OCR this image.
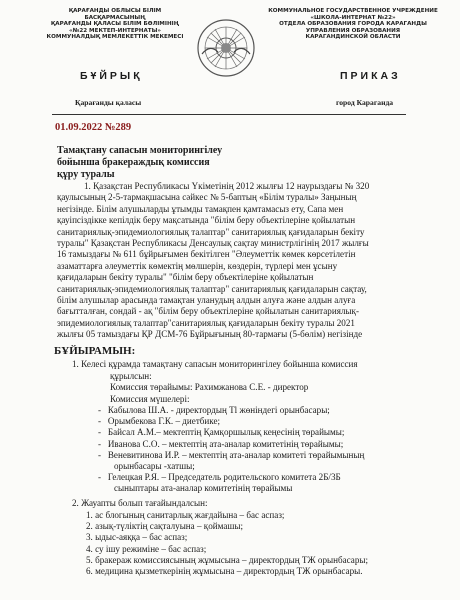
ҚАРАҒАНДЫ ОБЛЫСЫ БІЛІМ
БАСҚАРМАСЫНЫҢ
ҚАРАҒАНДЫ ҚАЛАСЫ БІЛІМ БӨЛІМІНІҢ
«№22 МЕКТЕП-ИНТЕРНАТЫ»
КОММУНАЛДЫҚ МЕМЛЕКЕТТІК МЕКЕМЕСІ
КОММУНАЛЬНОЕ ГОСУДАРСТВЕННОЕ УЧРЕЖДЕНИЕ
«ШКОЛА-ИНТЕРНАТ №22»
ОТДЕЛА ОБРАЗОВАНИЯ ГОРОДА КАРАГАНДЫ
УПРАВЛЕНИЯ ОБРАЗОВАНИЯ
КАРАГАНДИНСКОЙ ОБЛАСТИ
БҰЙРЫҚ	ПРИКАЗ
Қарағанды қаласы	город Караганда
01.09.2022 №289
Тамақтану сапасын мониторингілеу
бойынша бракераждық комиссия
құру туралы
1. Қазақстан Республикасы Үкіметінің 2012 жылғы 12 наурыздағы № 320
қаулысының 2-5-тармақшасына сәйкес № 5-баптың «Білім туралы» Заңының
негізінде. Білім алушыларды ұтымды тамақпен қамтамасыз ету, Сапа мен
қауіпсіздікке кепілдік беру мақсатында "білім беру объектілеріне қойылатын
санитариялық-эпидемиологиялық талаптар" санитариялық қағидаларын бекіту
туралы" Қазақстан Республикасы Денсаулық сақтау министрлігінің 2017 жылғы
16 тамыздағы № 611 бұйрығымен бекітілген "Әлеуметтік көмек көрсетілетін
азаматтарға әлеуметтік көмектің мөлшерін, көздерін, түрлері мен ұсыну
қағидаларын бекіту туралы" "білім беру объектілеріне қойылатын
санитариялық-эпидемиологиялық талаптар" санитариялық қағидаларын сақтау,
білім алушылар арасында тамақтан уланудың алдын алуға және алдын алуға
бағытталған, сондай - ақ "білім беру объектілеріне қойылатын санитариялық-
эпидемиологиялық талаптар"санитариялық қағидаларын бекіту туралы 2021
жылғы 05 тамыздағы ҚР ДСМ-76 Бұйрығының 80-тармағы (5-бөлім) негізінде
БҰЙЫРАМЫН:
1. Келесі құрамда тамақтану сапасын мониторингілеу бойынша комиссия
құрылсын:
Комиссия төрайымы: Рахимжанова С.Е. - директор
Комиссия мүшелері:
-   Кабылова Ш.А. - директордың Tl жөніндегі орынбасары;
-   Орымбекова Г.К. – диетбике;
-   Байсал А.М.– мектептің Қамқоршылық кеңесінің төрайымы;
-   Иванова С.О. – мектептің ата-аналар комитетінің төрайымы;
-   Веневитинова И.Р. – мектептің ата-аналар комитеті төрайымының
орынбасары -хатшы;
-   Гелецкая Р.Я. – Председатель родительского комитета 2Б/3Б
сыныптары ата-аналар комитетінің төрайымы
2. Жауапты болып тағайындалсын:
1. ас блогының санитарлық жағдайына – бас аспаз;
2. азық-түліктің сақталуына – қоймашы;
3. ыдыс-аяққа – бас аспаз;
4. су ішу режиміне – бас аспаз;
5. бракераж комиссиясының жұмысына – директордың ТЖ орынбасары;
6. медицина қызметкерінің жұмысына – директордың ТЖ орынбасары.
